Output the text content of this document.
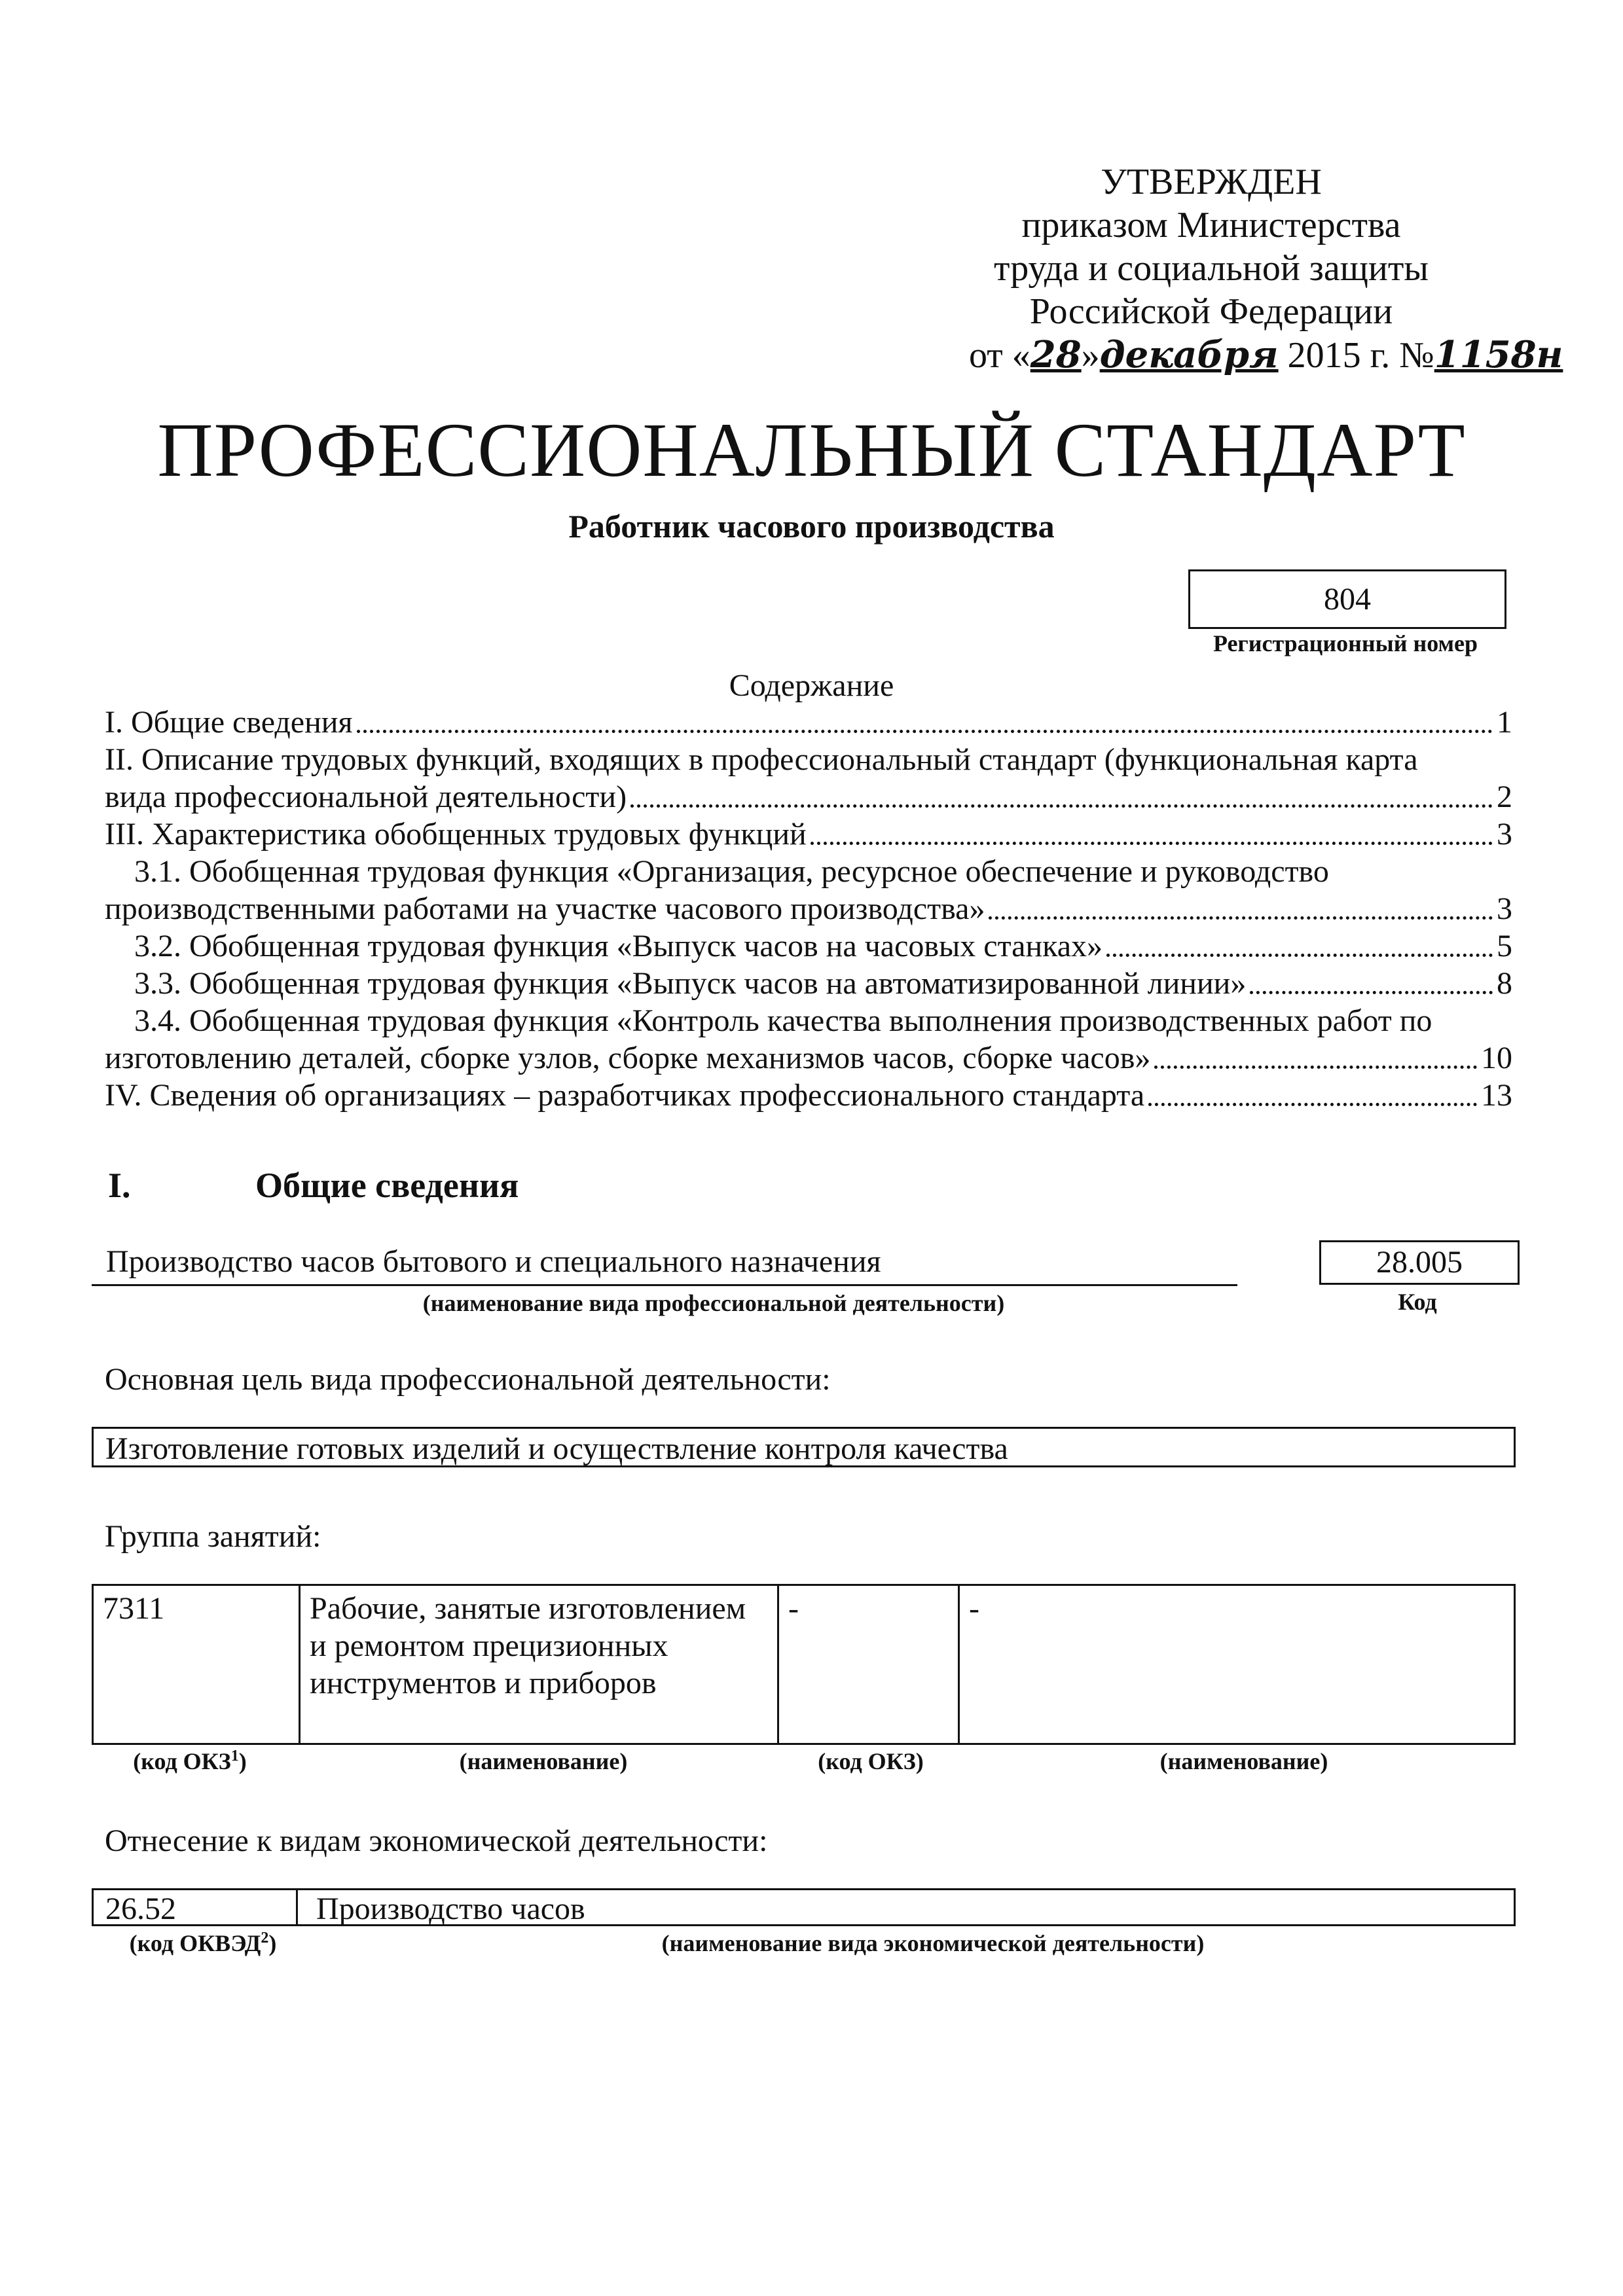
УТВЕРЖДЕН
приказом Министерства
труда и социальной защиты
Российской Федерации
от «28»декабря 2015 г. №1158н
ПРОФЕССИОНАЛЬНЫЙ СТАНДАРТ
Работник часового производства
804
Регистрационный номер
Содержание
I. Общие сведения	1
II. Описание трудовых функций, входящих в профессиональный стандарт (функциональная карта
вида профессиональной деятельности)	2
III. Характеристика обобщенных трудовых функций	3
3.1. Обобщенная трудовая функция «Организация, ресурсное обеспечение и руководство
производственными работами на участке часового производства»	3
3.2. Обобщенная трудовая функция «Выпуск часов на часовых станках»	5
3.3. Обобщенная трудовая функция «Выпуск часов на автоматизированной линии»	8
3.4. Обобщенная трудовая функция «Контроль качества выполнения производственных работ по
изготовлению деталей, сборке узлов, сборке механизмов часов, сборке часов»	10
IV. Сведения об организациях – разработчиках профессионального стандарта	13
I.	Общие сведения
Производство часов бытового и специального назначения
(наименование вида профессиональной деятельности)
28.005
Код
Основная цель вида профессиональной деятельности:
Изготовление готовых изделий и осуществление контроля качества
Группа занятий:
7311	Рабочие, занятые изготовлением и ремонтом прецизионных инструментов и приборов	-	-
(код ОКЗ$^1$)	(наименование)	(код ОКЗ)	(наименование)
Отнесение к видам экономической деятельности:
26.52	Производство часов
(код ОКВЭД$^2$)	(наименование вида экономической деятельности)
